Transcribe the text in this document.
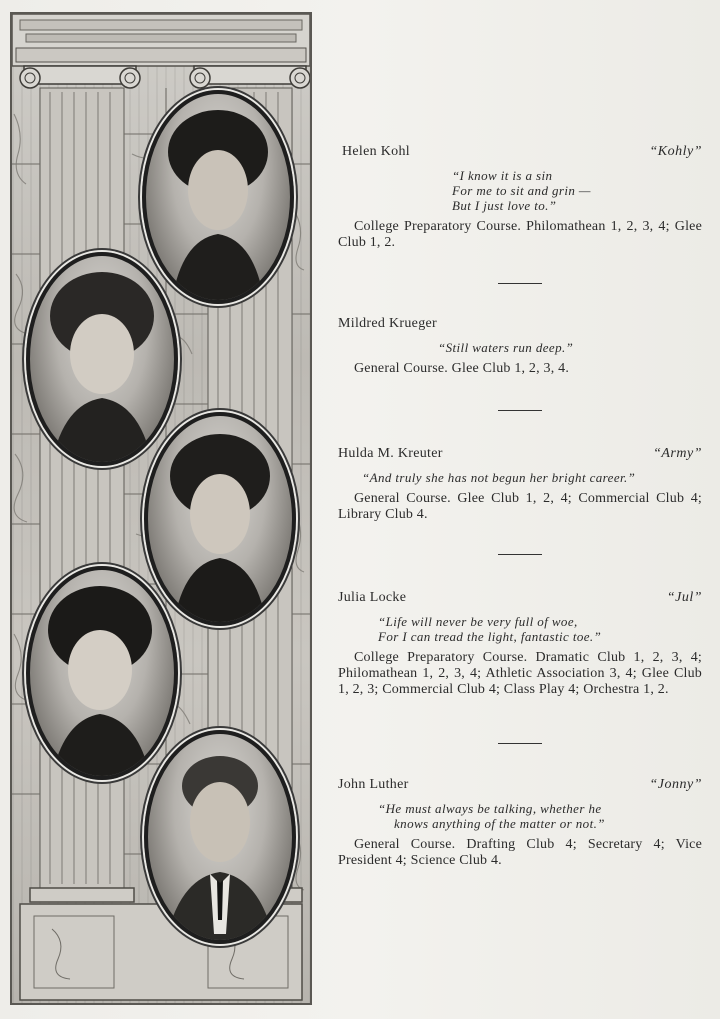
Helen Kohl	“Kohly”
“I know it is a sin
For me to sit and grin —
But I just love to.”
College Preparatory Course. Philomathean 1, 2, 3, 4; Glee Club 1, 2.
Mildred Krueger
“Still waters run deep.”
General Course. Glee Club 1, 2, 3, 4.
Hulda M. Kreuter	“Army”
“And truly she has not begun her bright career.”
General Course. Glee Club 1, 2, 4; Commercial Club 4; Library Club 4.
Julia Locke	“Jul”
“Life will never be very full of woe,
For I can tread the light, fantastic toe.”
College Preparatory Course. Dramatic Club 1, 2, 3, 4; Philomathean 1, 2, 3, 4; Athletic Association 3, 4; Glee Club 1, 2, 3; Commercial Club 4; Class Play 4; Orchestra 1, 2.
John Luther	“Jonny”
“He must always be talking, whether he
knows anything of the matter or not.”
General Course. Drafting Club 4; Secretary 4; Vice President 4; Science Club 4.
